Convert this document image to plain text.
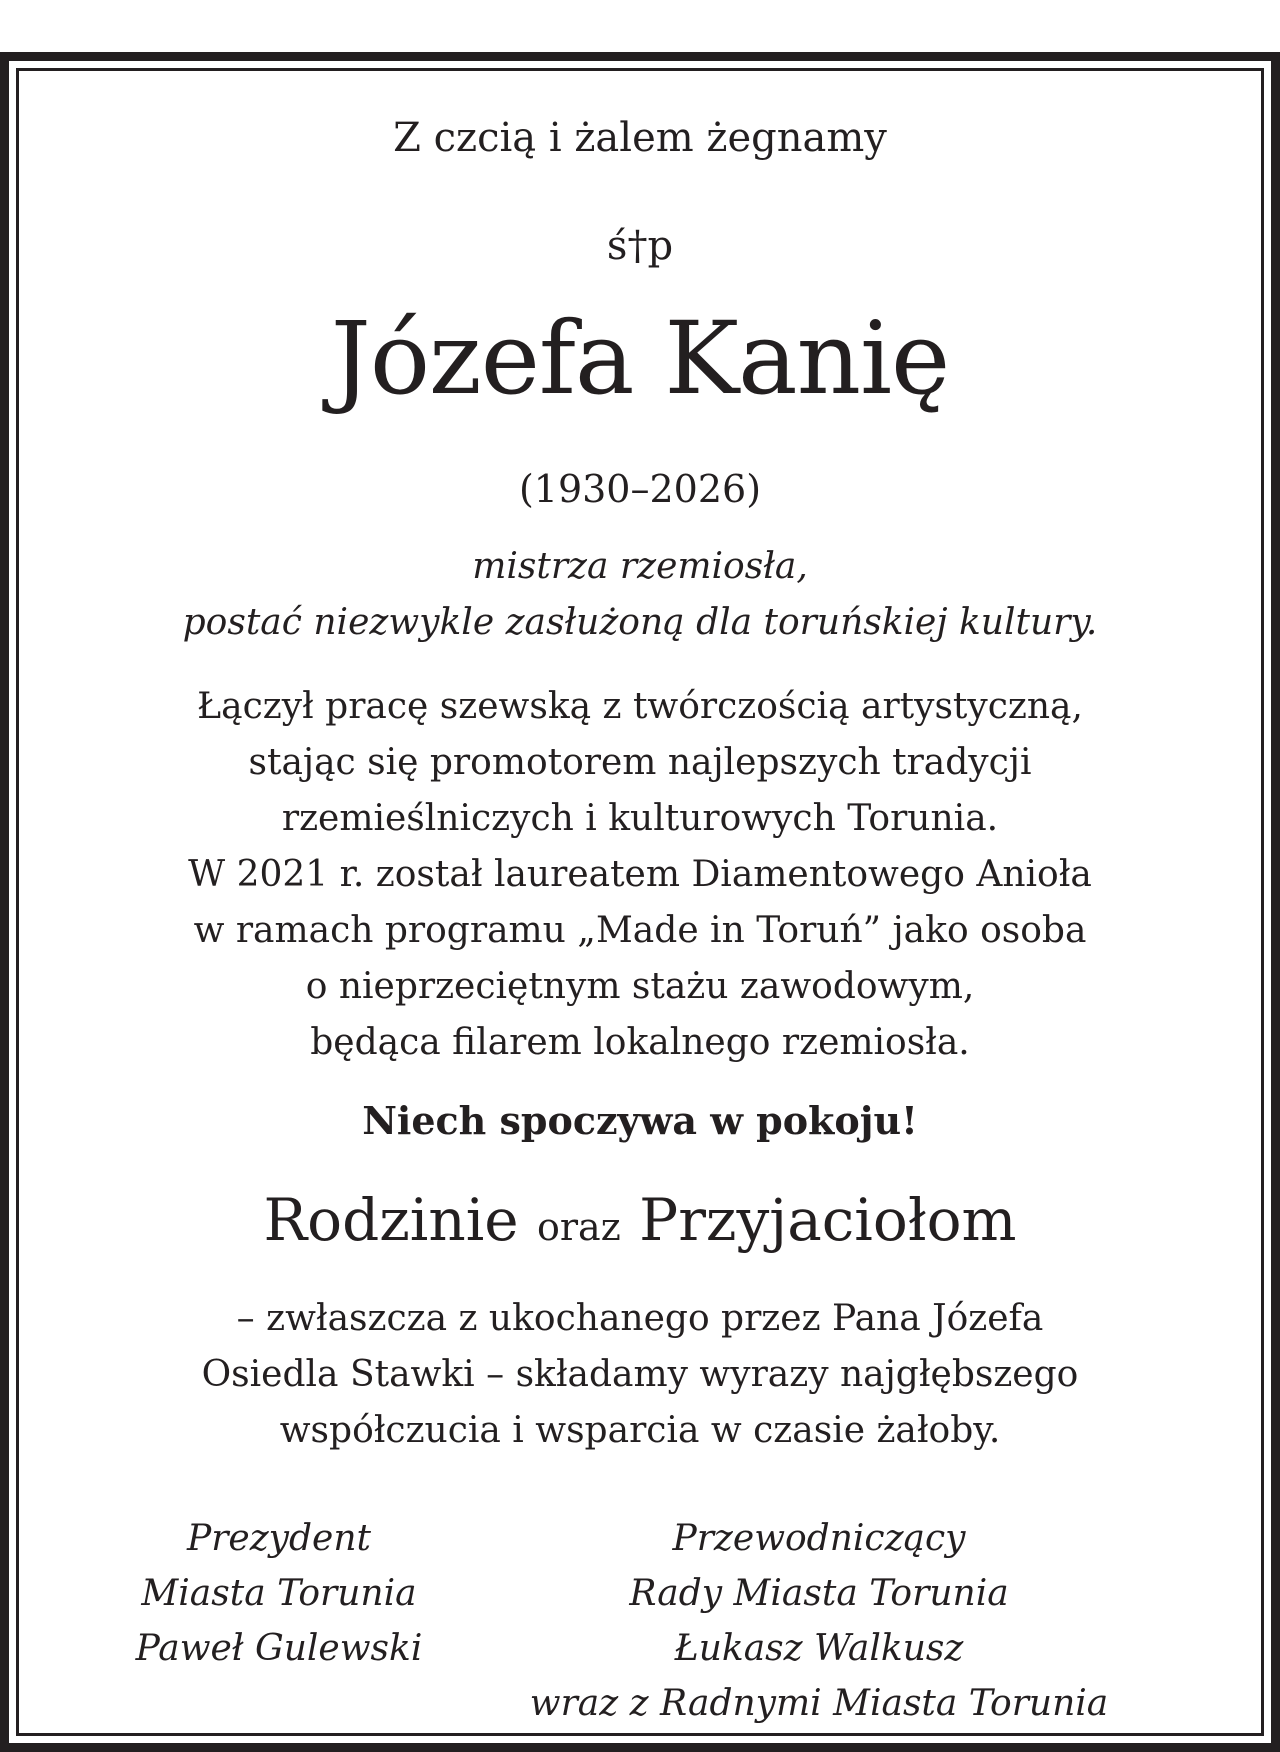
Z czcią i żalem żegnamy
ś†p
Józefa Kanię
(1930–2026)
mistrza rzemiosła,
postać niezwykle zasłużoną dla toruńskiej kultury.
Łączył pracę szewską z twórczością artystyczną,
stając się promotorem najlepszych tradycji
rzemieślniczych i kulturowych Torunia.
W 2021 r. został laureatem Diamentowego Anioła
w ramach programu „Made in Toruń” jako osoba
o nieprzeciętnym stażu zawodowym,
będąca filarem lokalnego rzemiosła.
Niech spoczywa w pokoju!
Rodzinie oraz Przyjaciołom
– zwłaszcza z ukochanego przez Pana Józefa
Osiedla Stawki – składamy wyrazy najgłębszego
współczucia i wsparcia w czasie żałoby.
Prezydent
Miasta Torunia
Paweł Gulewski
Przewodniczący
Rady Miasta Torunia
Łukasz Walkusz
wraz z Radnymi Miasta Torunia
